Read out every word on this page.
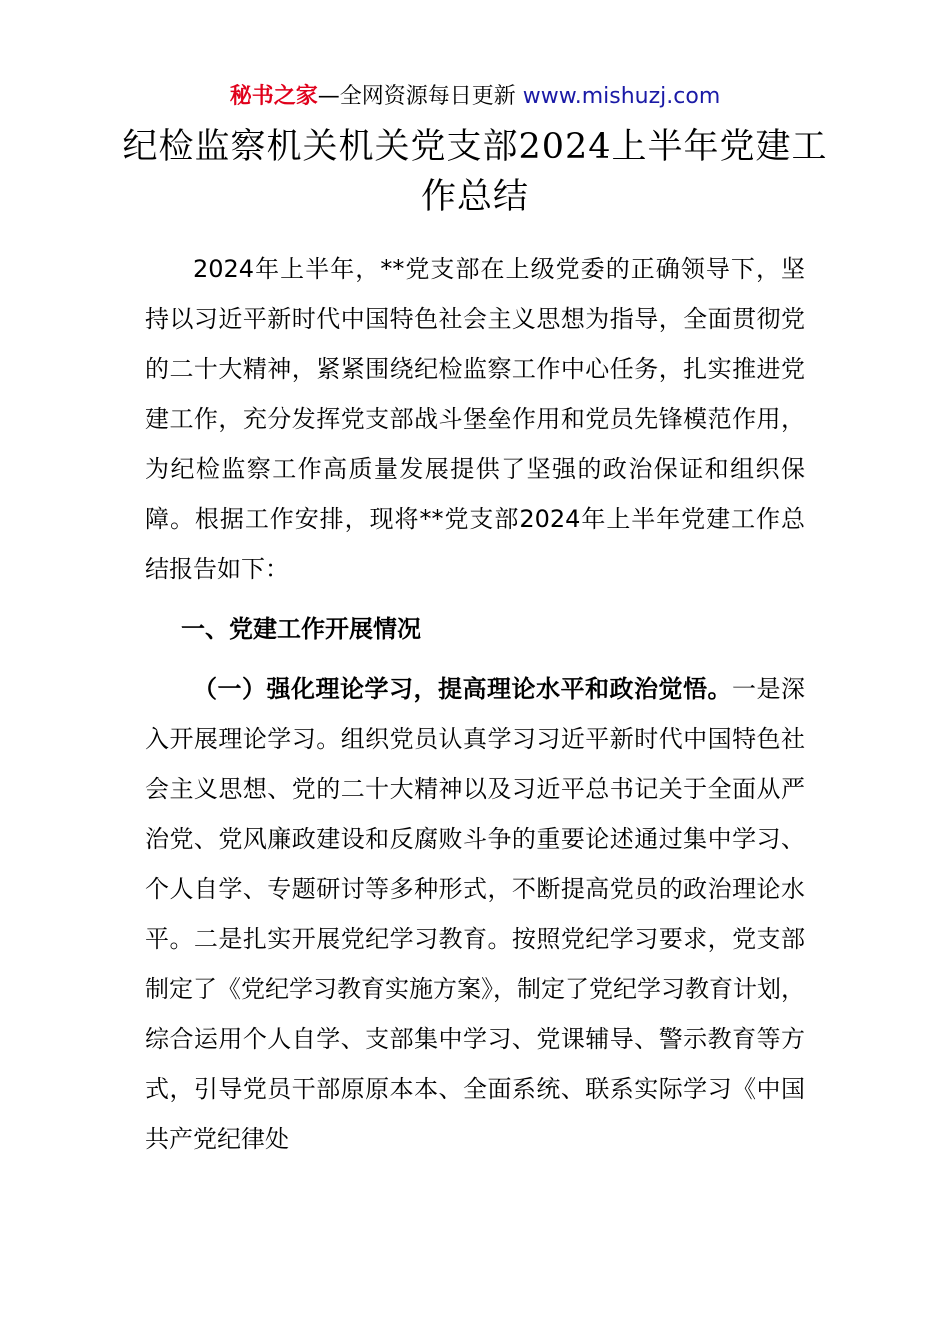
秘书之家—全网资源每日更新 www.mishuzj.com
纪检监察机关机关党支部2024上半年党建工作总结

2024年上半年，**党支部在上级党委的正确领导下，坚持以习近平新时代中国特色社会主义思想为指导，全面贯彻党的二十大精神，紧紧围绕纪检监察工作中心任务，扎实推进党建工作，充分发挥党支部战斗堡垒作用和党员先锋模范作用，为纪检监察工作高质量发展提供了坚强的政治保证和组织保障。根据工作安排，现将**党支部2024年上半年党建工作总结报告如下：

一、党建工作开展情况

（一）强化理论学习，提高理论水平和政治觉悟。一是深入开展理论学习。组织党员认真学习习近平新时代中国特色社会主义思想、党的二十大精神以及习近平总书记关于全面从严治党、党风廉政建设和反腐败斗争的重要论述通过集中学习、个人自学、专题研讨等多种形式，不断提高党员的政治理论水平。二是扎实开展党纪学习教育。按照党纪学习要求，党支部制定了《党纪学习教育实施方案》，制定了党纪学习教育计划，综合运用个人自学、支部集中学习、党课辅导、警示教育等方式，引导党员干部原原本本、全面系统、联系实际学习《中国共产党纪律处
